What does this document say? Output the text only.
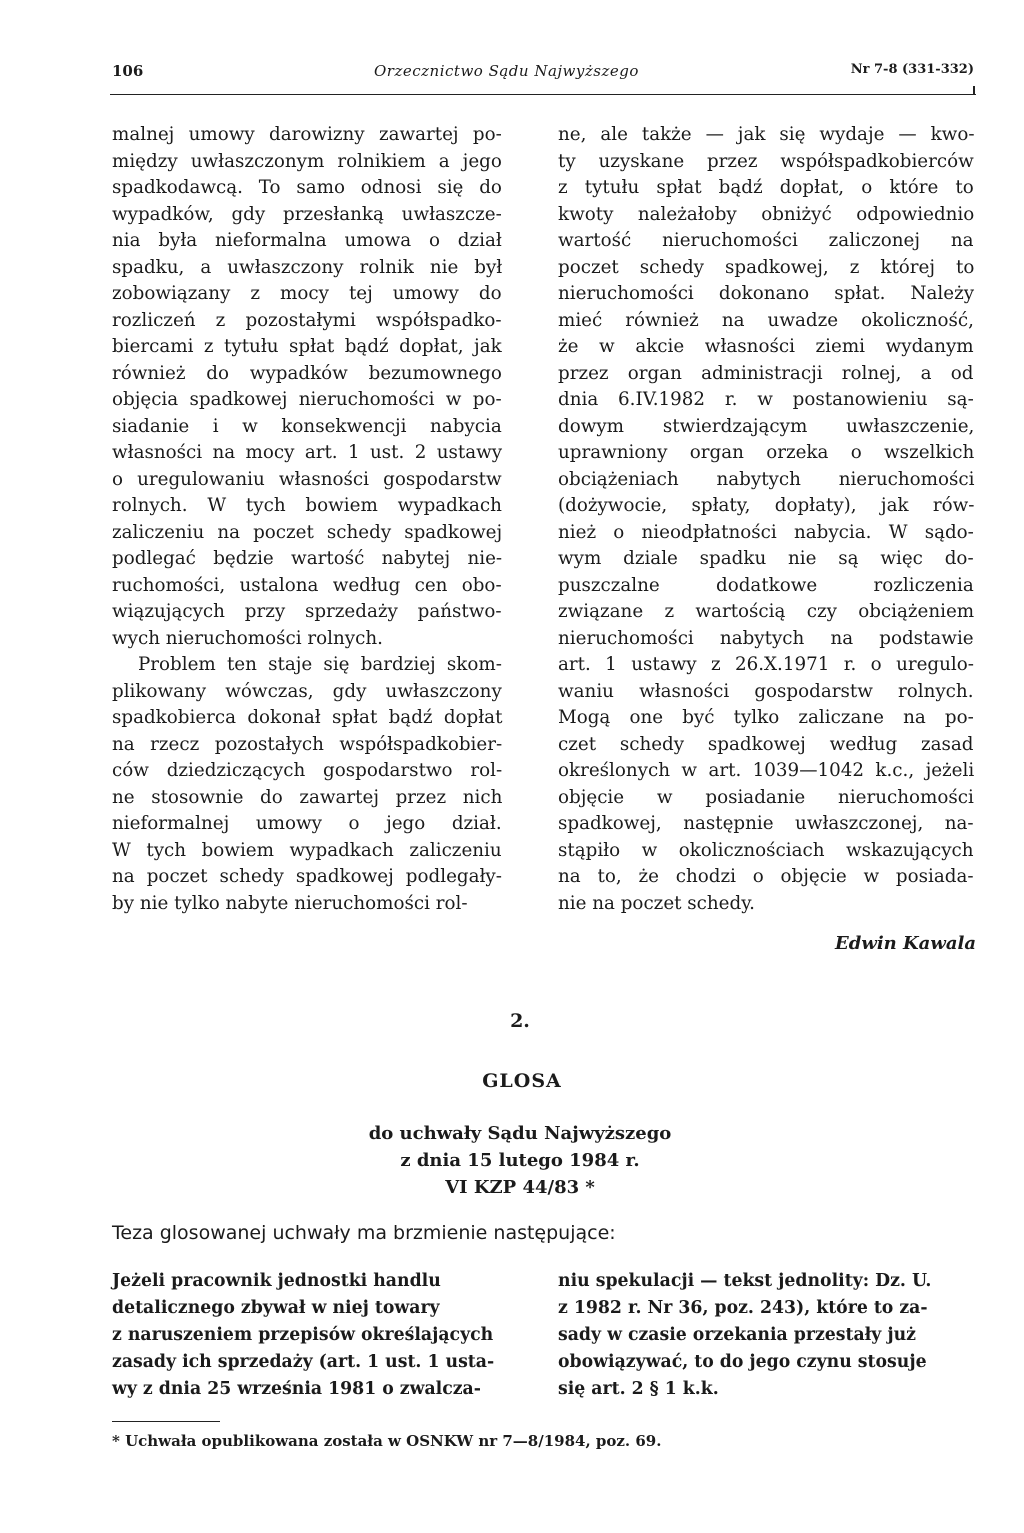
106	Orzecznictwo Sądu Najwyższego	Nr 7-8 (331-332)
malnej umowy darowizny zawartej po-
między uwłaszczonym rolnikiem a jego
spadkodawcą. To samo odnosi się do
wypadków, gdy przesłanką uwłaszcze-
nia była nieformalna umowa o dział
spadku, a uwłaszczony rolnik nie był
zobowiązany z mocy tej umowy do
rozliczeń z pozostałymi współspadko-
biercami z tytułu spłat bądź dopłat, jak
również do wypadków bezumownego
objęcia spadkowej nieruchomości w po-
siadanie i w konsekwencji nabycia
własności na mocy art. 1 ust. 2 ustawy
o uregulowaniu własności gospodarstw
rolnych. W tych bowiem wypadkach
zaliczeniu na poczet schedy spadkowej
podlegać będzie wartość nabytej nie-
ruchomości, ustalona według cen obo-
wiązujących przy sprzedaży państwo-
wych nieruchomości rolnych.
Problem ten staje się bardziej skom-
plikowany wówczas, gdy uwłaszczony
spadkobierca dokonał spłat bądź dopłat
na rzecz pozostałych współspadkobier-
ców dziedziczących gospodarstwo rol-
ne stosownie do zawartej przez nich
nieformalnej umowy o jego dział.
W tych bowiem wypadkach zaliczeniu
na poczet schedy spadkowej podlegały-
by nie tylko nabyte nieruchomości rol-
ne, ale także — jak się wydaje — kwo-
ty uzyskane przez współspadkobierców
z tytułu spłat bądź dopłat, o które to
kwoty należałoby obniżyć odpowiednio
wartość nieruchomości zaliczonej na
poczet schedy spadkowej, z której to
nieruchomości dokonano spłat. Należy
mieć również na uwadze okoliczność,
że w akcie własności ziemi wydanym
przez organ administracji rolnej, a od
dnia 6.IV.1982 r. w postanowieniu są-
dowym stwierdzającym uwłaszczenie,
uprawniony organ orzeka o wszelkich
obciążeniach nabytych nieruchomości
(dożywocie, spłaty, dopłaty), jak rów-
nież o nieodpłatności nabycia. W sądo-
wym dziale spadku nie są więc do-
puszczalne dodatkowe rozliczenia
związane z wartością czy obciążeniem
nieruchomości nabytych na podstawie
art. 1 ustawy z 26.X.1971 r. o uregulo-
waniu własności gospodarstw rolnych.
Mogą one być tylko zaliczane na po-
czet schedy spadkowej według zasad
określonych w art. 1039—1042 k.c., jeżeli
objęcie w posiadanie nieruchomości
spadkowej, następnie uwłaszczonej, na-
stąpiło w okolicznościach wskazujących
na to, że chodzi o objęcie w posiada-
nie na poczet schedy.
Edwin Kawala
2.
GLOSA
do uchwały Sądu Najwyższego
z dnia 15 lutego 1984 r.
VI KZP 44/83 *
Teza glosowanej uchwały ma brzmienie następujące:
Jeżeli pracownik jednostki handlu
detalicznego zbywał w niej towary
z naruszeniem przepisów określających
zasady ich sprzedaży (art. 1 ust. 1 usta-
wy z dnia 25 września 1981 o zwalcza-
niu spekulacji — tekst jednolity: Dz. U.
z 1982 r. Nr 36, poz. 243), które to za-
sady w czasie orzekania przestały już
obowiązywać, to do jego czynu stosuje
się art. 2 § 1 k.k.
* Uchwała opublikowana została w OSNKW nr 7—8/1984, poz. 69.
